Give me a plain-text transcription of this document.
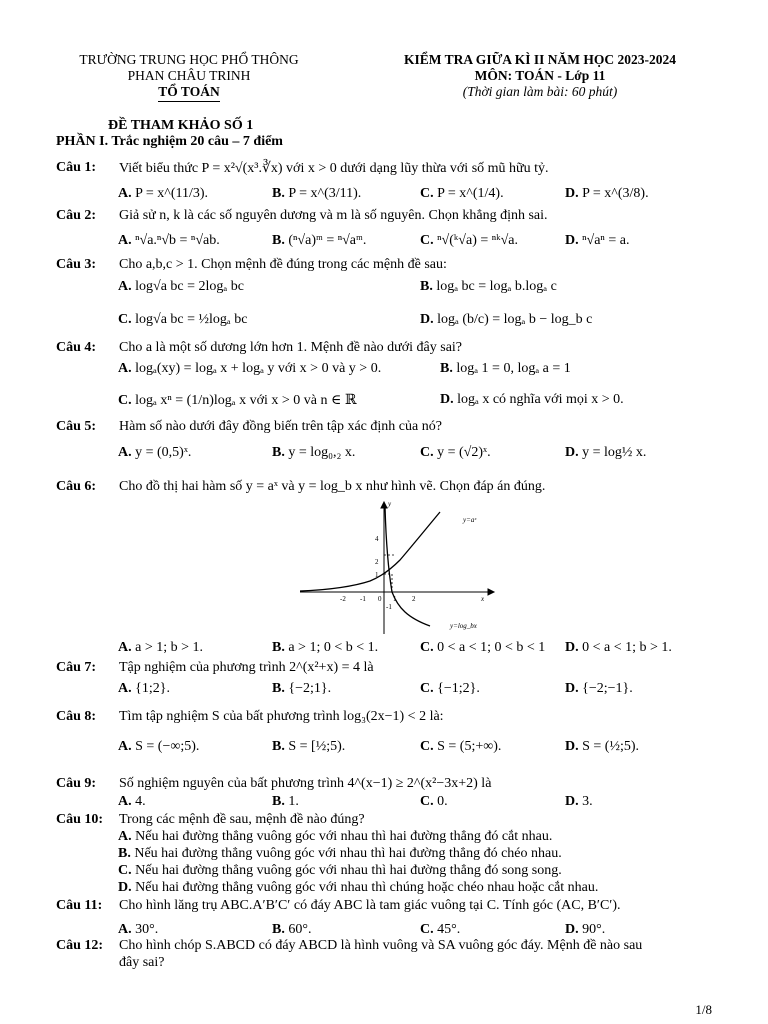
TRƯỜNG TRUNG HỌC PHỔ THÔNG
PHAN CHÂU TRINH
TỔ TOÁN
KIỂM TRA GIỮA KÌ II NĂM HỌC 2023-2024
MÔN: TOÁN - Lớp 11
(Thời gian làm bài: 60 phút)
ĐỀ THAM KHẢO SỐ 1
PHẦN I. Trắc nghiệm 20 câu – 7 điểm
Câu 1: Viết biểu thức P = x²√(x³.∛x) với x > 0 dưới dạng lũy thừa với số mũ hữu tỷ.
A. P = x^(11/3).	B. P = x^(3/11).	C. P = x^(1/4).	D. P = x^(3/8).
Câu 2: Giả sử n, k là các số nguyên dương và m là số nguyên. Chọn khẳng định sai.
A. ⁿ√a.ⁿ√b = ⁿ√ab.	B. (ⁿ√a)ᵐ = ⁿ√aᵐ.	C. ⁿ√(ᵏ√a) = ⁿᵏ√a.	D. ⁿ√aⁿ = a.
Câu 3: Cho a,b,c > 1. Chọn mệnh đề đúng trong các mệnh đề sau:
A. log√a bc = 2logₐ bc	B. logₐ bc = logₐ b.logₐ c
C. log√a bc = ½logₐ bc	D. logₐ (b/c) = logₐ b − log_b c
Câu 4: Cho a là một số dương lớn hơn 1. Mệnh đề nào dưới đây sai?
A. logₐ(xy) = logₐ x + logₐ y với x > 0 và y > 0.	B. logₐ 1 = 0, logₐ a = 1
C. logₐ xⁿ = (1/n)logₐ x với x > 0 và n ∈ ℝ	D. logₐ x có nghĩa với mọi x > 0.
Câu 5: Hàm số nào dưới đây đồng biến trên tập xác định của nó?
A. y = (0,5)ˣ.	B. y = log₀,₂ x.	C. y = (√2)ˣ.	D. y = log½ x.
Câu 6: Cho đồ thị hai hàm số y = aˣ và y = log_b x như hình vẽ. Chọn đáp án đúng.
A. a > 1; b > 1.	B. a > 1; 0 < b < 1.	C. 0 < a < 1; 0 < b < 1 D. 0 < a < 1; b > 1.
Câu 7: Tập nghiệm của phương trình 2^(x²+x) = 4 là
A. {1;2}.	B. {−2;1}.	C. {−1;2}.	D. {−2;−1}.
Câu 8: Tìm tập nghiệm S của bất phương trình log₃(2x−1) < 2 là:
A. S = (−∞;5).	B. S = [½;5).	C. S = (5;+∞).	D. S = (½;5).
Câu 9: Số nghiệm nguyên của bất phương trình 4^(x−1) ≥ 2^(x²−3x+2) là
A. 4.	B. 1.	C. 0.	D. 3.
Câu 10: Trong các mệnh đề sau, mệnh đề nào đúng?
A. Nếu hai đường thẳng vuông góc với nhau thì hai đường thẳng đó cắt nhau.
B. Nếu hai đường thẳng vuông góc với nhau thì hai đường thẳng đó chéo nhau.
C. Nếu hai đường thẳng vuông góc với nhau thì hai đường thẳng đó song song.
D. Nếu hai đường thẳng vuông góc với nhau thì chúng hoặc chéo nhau hoặc cắt nhau.
Câu 11: Cho hình lăng trụ ABC.A′B′C′ có đáy ABC là tam giác vuông tại C. Tính góc (AC, B′C′).
A. 30°.	B. 60°.	C. 45°.	D. 90°.
Câu 12: Cho hình chóp S.ABCD có đáy ABCD là hình vuông và SA vuông góc đáy. Mệnh đề nào sau
đây sai?
y=aˣ
y=log_bx
y
x
4
2
1
-2 -1 0 1 2
-1
1/8
